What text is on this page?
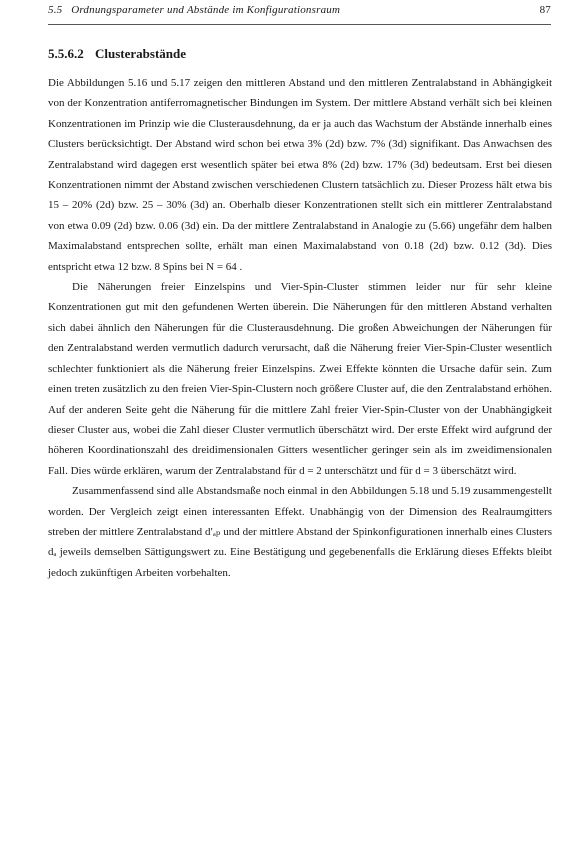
5.5 Ordnungsparameter und Abstände im Konfigurationsraum	87
5.5.6.2 Clusterabstände

Die Abbildungen 5.16 und 5.17 zeigen den mittleren Abstand und den mittleren Zentralabstand in Abhängigkeit von der Konzentration antiferromagnetischer Bindungen im System. Der mittlere Abstand verhält sich bei kleinen Konzentrationen im Prinzip wie die Clusterausdehnung, da er ja auch das Wachstum der Abstände innerhalb eines Clusters berücksichtigt. Der Abstand wird schon bei etwa 3% (2d) bzw. 7% (3d) signifikant. Das Anwachsen des Zentralabstand wird dagegen erst wesentlich später bei etwa 8% (2d) bzw. 17% (3d) bedeutsam. Erst bei diesen Konzentrationen nimmt der Abstand zwischen verschiedenen Clustern tatsächlich zu. Dieser Prozess hält etwa bis 15 – 20% (2d) bzw. 25 – 30% (3d) an. Oberhalb dieser Konzentrationen stellt sich ein mittlerer Zentralabstand von etwa 0.09 (2d) bzw. 0.06 (3d) ein. Da der mittlere Zentralabstand in Analogie zu (5.66) ungefähr dem halben Maximalabstand entsprechen sollte, erhält man einen Maximalabstand von 0.18 (2d) bzw. 0.12 (3d). Dies entspricht etwa 12 bzw. 8 Spins bei N = 64 .

Die Näherungen freier Einzelspins und Vier-Spin-Cluster stimmen leider nur für sehr kleine Konzentrationen gut mit den gefundenen Werten überein. Die Näherungen für den mittleren Abstand verhalten sich dabei ähnlich den Näherungen für die Clusterausdehnung. Die großen Abweichungen der Näherungen für den Zentralabstand werden vermutlich dadurch verursacht, daß die Näherung freier Vier-Spin-Cluster wesentlich schlechter funktioniert als die Näherung freier Einzelspins. Zwei Effekte könnten die Ursache dafür sein. Zum einen treten zusätzlich zu den freien Vier-Spin-Clustern noch größere Cluster auf, die den Zentralabstand erhöhen. Auf der anderen Seite geht die Näherung für die mittlere Zahl freier Vier-Spin-Cluster von der Unabhängigkeit dieser Cluster aus, wobei die Zahl dieser Cluster vermutlich überschätzt wird. Der erste Effekt wird aufgrund der höheren Koordinationszahl des dreidimensionalen Gitters wesentlicher geringer sein als im zweidimensionalen Fall. Dies würde erklären, warum der Zentralabstand für d = 2 unterschätzt und für d = 3 überschätzt wird.

Zusammenfassend sind alle Abstandsmaße noch einmal in den Abbildungen 5.18 und 5.19 zusammengestellt worden. Der Vergleich zeigt einen interessanten Effekt. Unabhängig von der Dimension des Realraumgitters streben der mittlere Zentralabstand d′ₐₚ und der mittlere Abstand der Spinkonfigurationen innerhalb eines Clusters dₐ jeweils demselben Sättigungswert zu. Eine Bestätigung und gegebenenfalls die Erklärung dieses Effekts bleibt jedoch zukünftigen Arbeiten vorbehalten.
